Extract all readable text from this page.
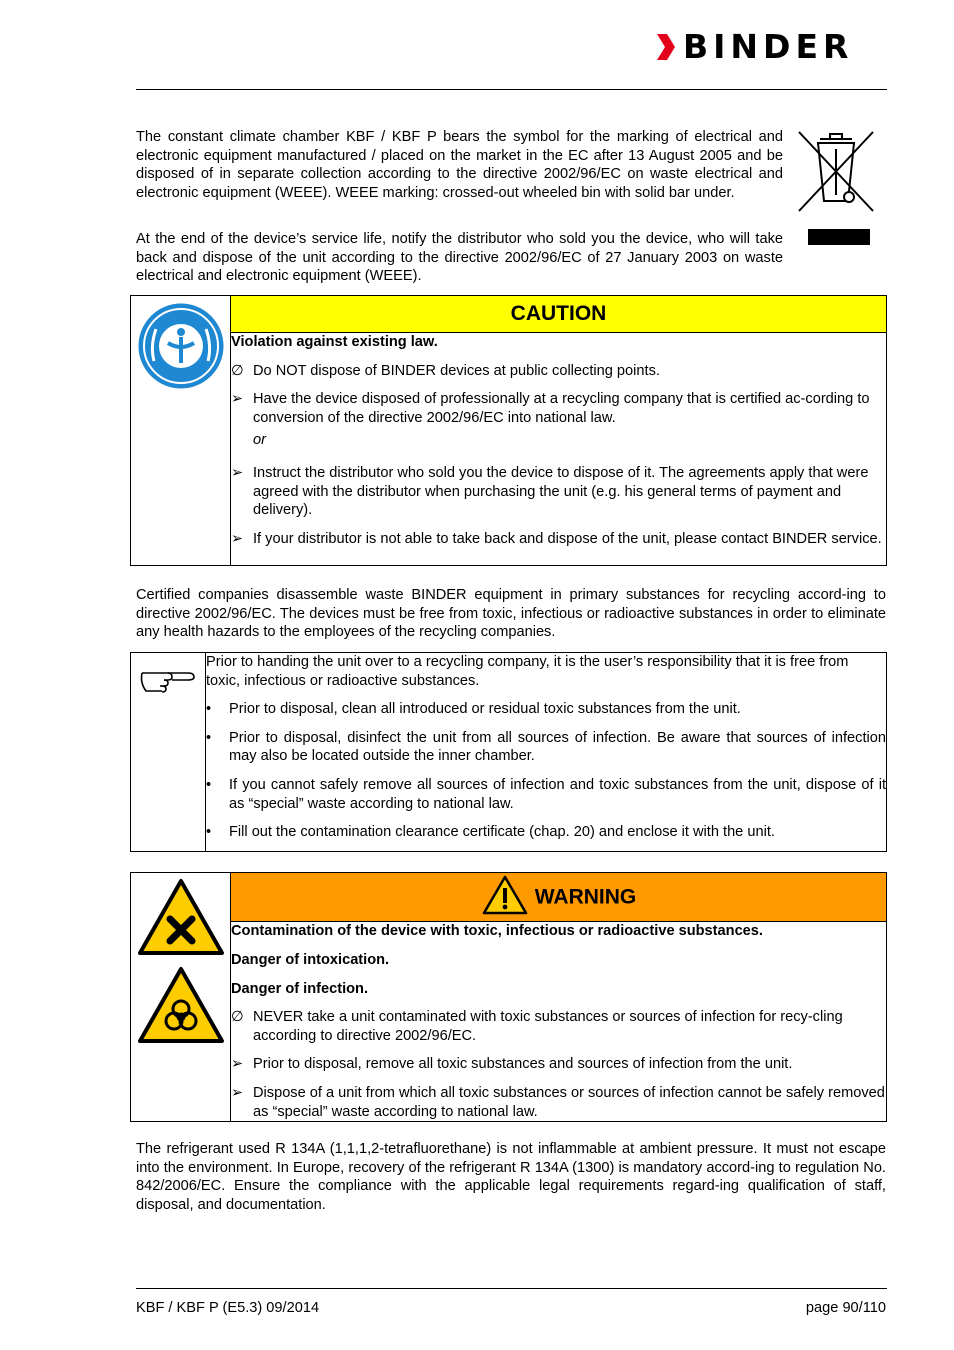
BINDER

The constant climate chamber KBF / KBF P bears the symbol for the marking of electrical and electronic equipment manufactured / placed on the market in the EC after 13 August 2005 and be disposed of in separate collection according to the directive 2002/96/EC on waste electrical and electronic equipment (WEEE). WEEE marking: crossed-out wheeled bin with solid bar under.

At the end of the device’s service life, notify the distributor who sold you the device, who will take back and dispose of the unit according to the directive 2002/96/EC of 27 January 2003 on waste electrical and electronic equipment (WEEE).

	CAUTION

Violation against existing law.
∅ Do NOT dispose of BINDER devices at public collecting points.
➢ Have the device disposed of professionally at a recycling company that is certified ac-cording to conversion of the directive 2002/96/EC into national law.
or
➢ Instruct the distributor who sold you the device to dispose of it. The agreements apply that were agreed with the distributor when purchasing the unit (e.g. his general terms of payment and delivery).
➢ If your distributor is not able to take back and dispose of the unit, please contact BINDER service.

Certified companies disassemble waste BINDER equipment in primary substances for recycling accord-ing to directive 2002/96/EC. The devices must be free from toxic, infectious or radioactive substances in order to eliminate any health hazards to the employees of the recycling companies.

Prior to handing the unit over to a recycling company, it is the user’s responsibility that it is free from toxic, infectious or radioactive substances.
•	Prior to disposal, clean all introduced or residual toxic substances from the unit.
•	Prior to disposal, disinfect the unit from all sources of infection. Be aware that sources of infection may also be located outside the inner chamber.
•	If you cannot safely remove all sources of infection and toxic substances from the unit, dispose of it as “special” waste according to national law.
•	Fill out the contamination clearance certificate (chap. 20) and enclose it with the unit.
	WARNING

Contamination of the device with toxic, infectious or radioactive substances.
Danger of intoxication.
Danger of infection.
∅ NEVER take a unit contaminated with toxic substances or sources of infection for recy-cling according to directive 2002/96/EC.
➢ Prior to disposal, remove all toxic substances and sources of infection from the unit.
➢ Dispose of a unit from which all toxic substances or sources of infection cannot be safely removed as “special” waste according to national law.

The refrigerant used R 134A (1,1,1,2-tetrafluorethane) is not inflammable at ambient pressure. It must not escape into the environment. In Europe, recovery of the refrigerant R 134A (1300) is mandatory accord-ing to regulation No. 842/2006/EC. Ensure the compliance with the applicable legal requirements regard-ing qualification of staff, disposal, and documentation.

KBF / KBF P (E5.3) 09/2014	page 90/110
